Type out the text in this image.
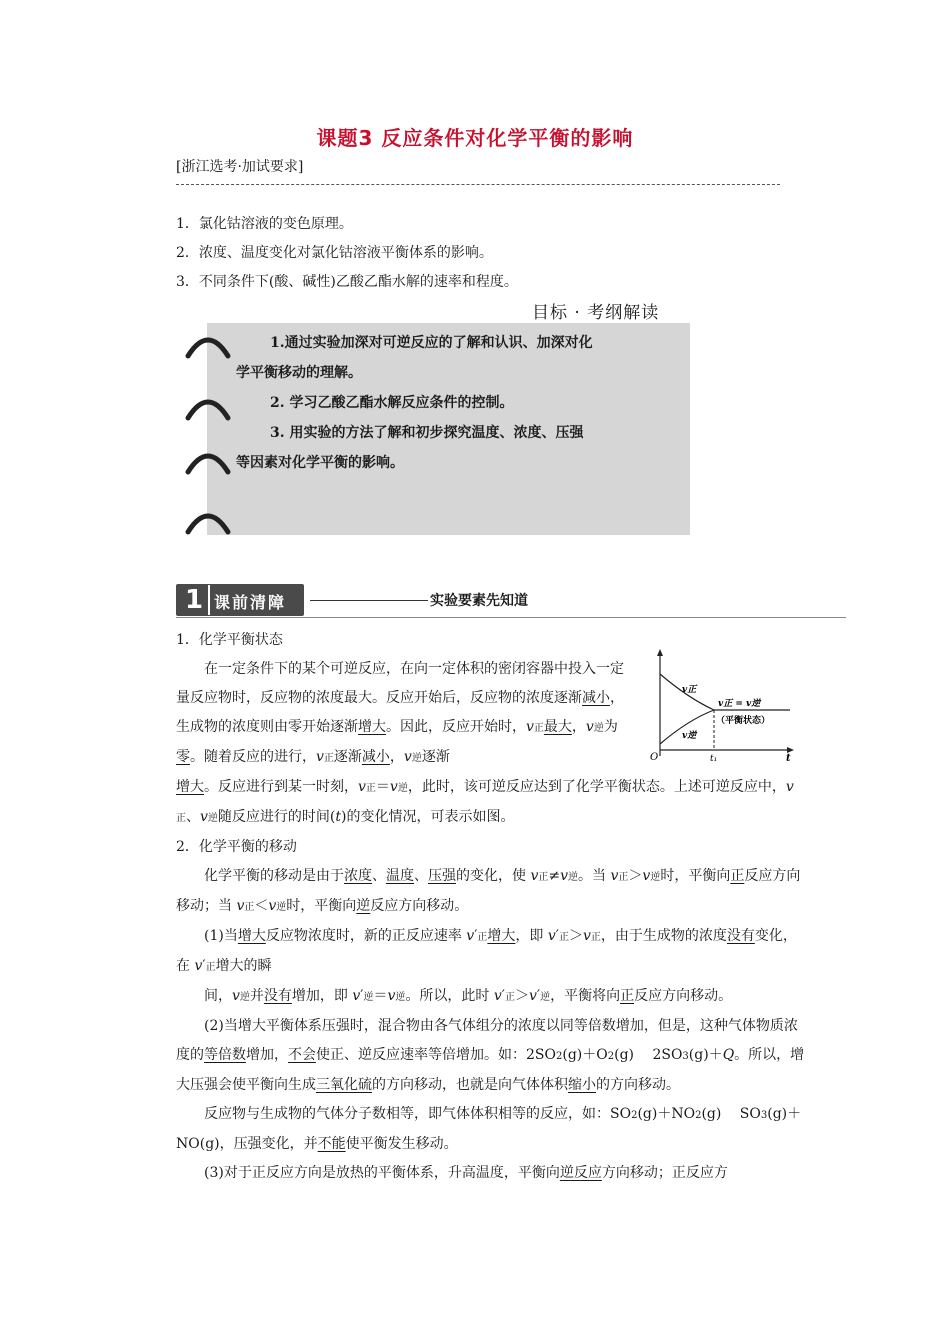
课题3 反应条件对化学平衡的影响
[浙江选考·加试要求]
1．氯化钴溶液的变色原理。
2．浓度、温度变化对氯化钴溶液平衡体系的影响。
3．不同条件下(酸、碱性)乙酸乙酯水解的速率和程度。
目标 · 考纲解读
1.通过实验加深对可逆反应的了解和认识、加深对化
学平衡移动的理解。
2. 学习乙酸乙酯水解反应条件的控制。
3. 用实验的方法了解和初步探究温度、浓度、压强
等因素对化学平衡的影响。
1 课前清障	实验要素先知道
v正
v逆
v正 = v逆
（平衡状态）
O	t₁	t

1．化学平衡状态

在一定条件下的某个可逆反应，在向一定体积的密闭容器中投入一定量反应物时，反应物的浓度最大。反应开始后，反应物的浓度逐渐减小，生成物的浓度则由零开始逐渐增大。因此，反应开始时，v正最大，v逆为零。随着反应的进行，v正逐渐减小，v逆逐渐

增大。反应进行到某一时刻，v正＝v逆，此时，该可逆反应达到了化学平衡状态。上述可逆反应中，v正、v逆随反应进行的时间(t)的变化情况，可表示如图。

2．化学平衡的移动

化学平衡的移动是由于浓度、温度、压强的变化，使 v正≠v逆。当 v正＞v逆时，平衡向正反应方向移动；当 v正＜v逆时，平衡向逆反应方向移动。

(1)当增大反应物浓度时，新的正反应速率 v′正增大，即 v′正＞v正，由于生成物的浓度没有变化，在 v′正增大的瞬

间，v逆并没有增加，即 v′逆＝v逆。所以，此时 v′正＞v′逆，平衡将向正反应方向移动。

(2)当增大平衡体系压强时，混合物由各气体组分的浓度以同等倍数增加，但是，这种气体物质浓度的等倍数增加，不会使正、逆反应速率等倍增加。如：2SO2(g)＋O2(g)　 2SO3(g)＋Q。所以，增大压强会使平衡向生成三氧化硫的方向移动，也就是向气体体积缩小的方向移动。

反应物与生成物的气体分子数相等，即气体体积相等的反应，如：SO2(g)＋NO2(g)　 SO3(g)＋NO(g)，压强变化，并不能使平衡发生移动。

(3)对于正反应方向是放热的平衡体系，升高温度，平衡向逆反应方向移动；正反应方
